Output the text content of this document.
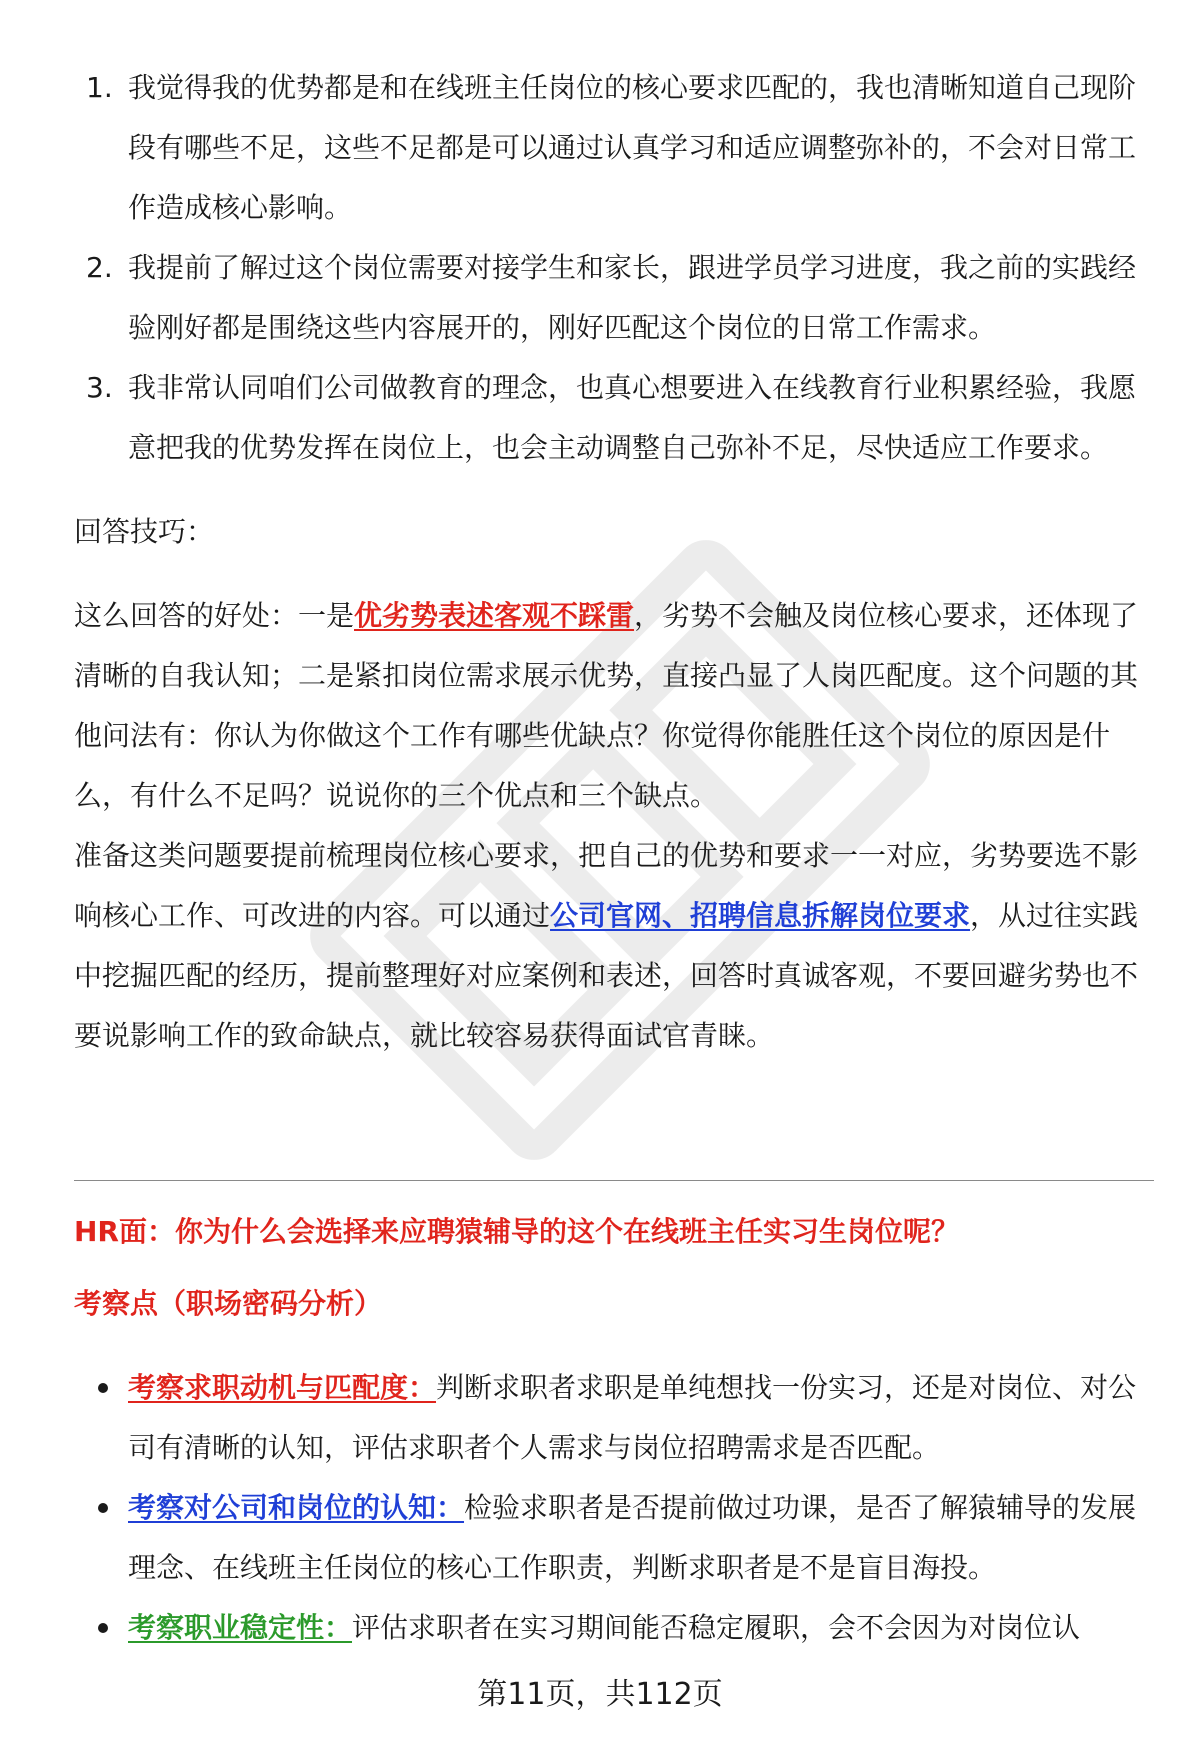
1. 我觉得我的优势都是和在线班主任岗位的核心要求匹配的，我也清晰知道自己现阶段有哪些不足，这些不足都是可以通过认真学习和适应调整弥补的，不会对日常工作造成核心影响。
2. 我提前了解过这个岗位需要对接学生和家长，跟进学员学习进度，我之前的实践经验刚好都是围绕这些内容展开的，刚好匹配这个岗位的日常工作需求。
3. 我非常认同咱们公司做教育的理念，也真心想要进入在线教育行业积累经验，我愿意把我的优势发挥在岗位上，也会主动调整自己弥补不足，尽快适应工作要求。

回答技巧：

这么回答的好处：一是优劣势表述客观不踩雷，劣势不会触及岗位核心要求，还体现了清晰的自我认知；二是紧扣岗位需求展示优势，直接凸显了人岗匹配度。这个问题的其他问法有：你认为你做这个工作有哪些优缺点？你觉得你能胜任这个岗位的原因是什么，有什么不足吗？说说你的三个优点和三个缺点。

准备这类问题要提前梳理岗位核心要求，把自己的优势和要求一一对应，劣势要选不影响核心工作、可改进的内容。可以通过公司官网、招聘信息拆解岗位要求，从过往实践中挖掘匹配的经历，提前整理好对应案例和表述，回答时真诚客观，不要回避劣势也不要说影响工作的致命缺点，就比较容易获得面试官青睐。

HR面：你为什么会选择来应聘猿辅导的这个在线班主任实习生岗位呢？

考察点（职场密码分析）

考察求职动机与匹配度：判断求职者求职是单纯想找一份实习，还是对岗位、对公司有清晰的认知，评估求职者个人需求与岗位招聘需求是否匹配。
考察对公司和岗位的认知：检验求职者是否提前做过功课，是否了解猿辅导的发展理念、在线班主任岗位的核心工作职责，判断求职者是不是盲目海投。
考察职业稳定性：评估求职者在实习期间能否稳定履职，会不会因为对岗位认
第11页，共112页
